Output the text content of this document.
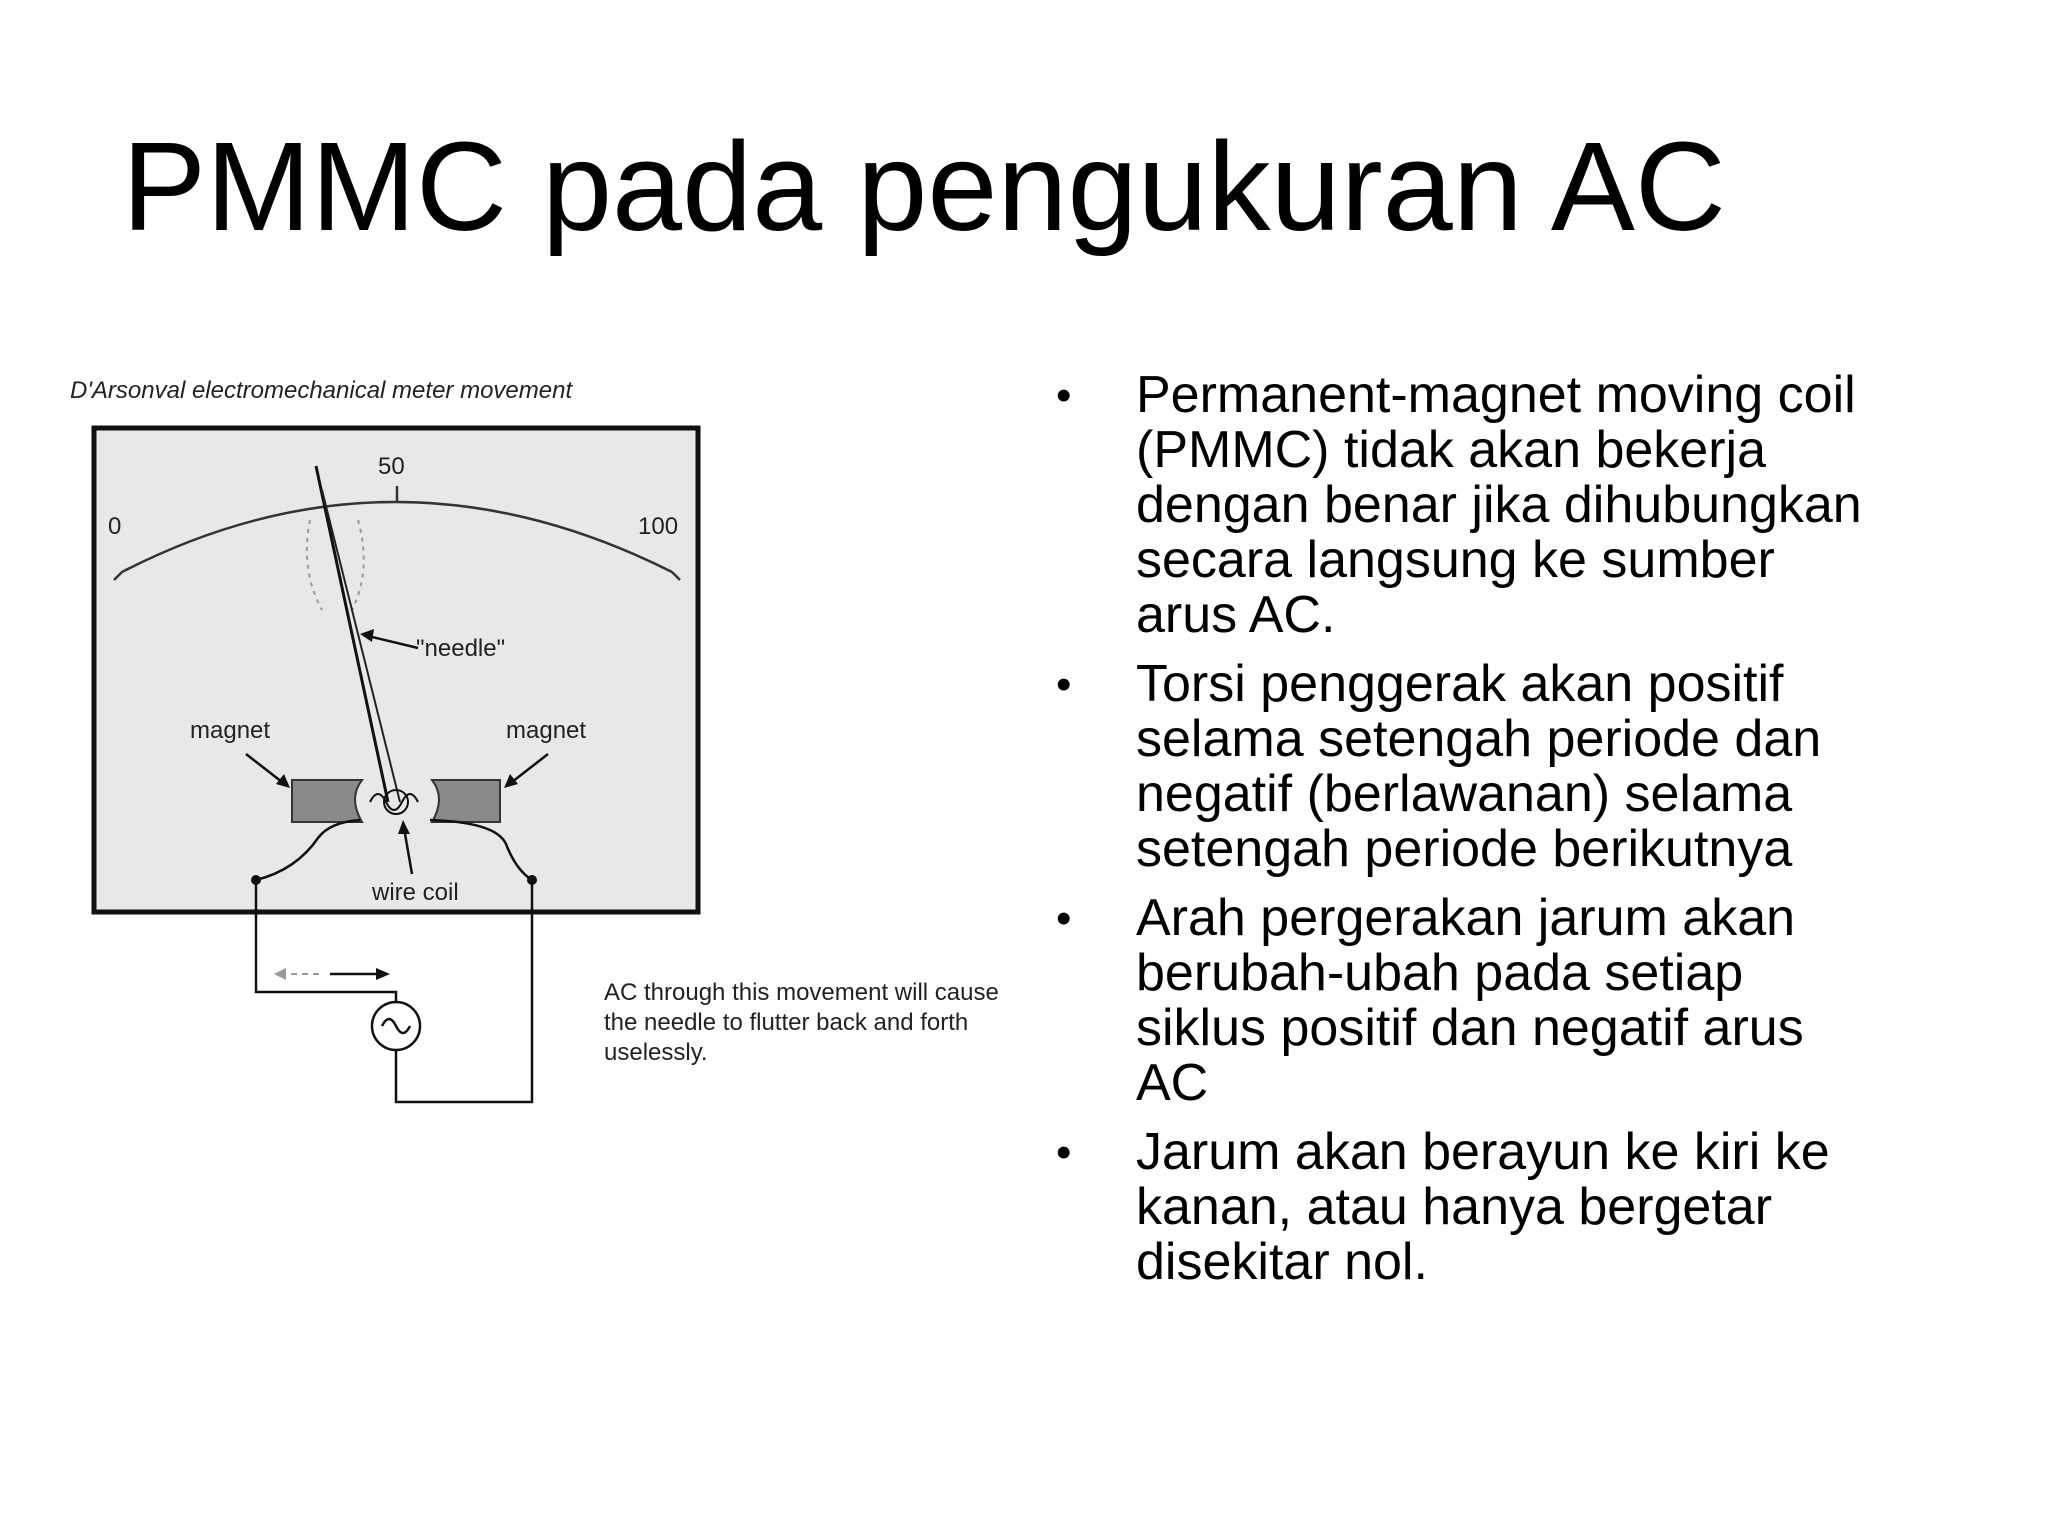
PMMC pada pengukuran AC
D'Arsonval electromechanical meter movement
0
50
100
"needle"
magnet	magnet
wire coil
AC through this movement will cause the needle to flutter back and forth uselessly.
• Permanent-magnet moving coil
(PMMC) tidak akan bekerja
dengan benar jika dihubungkan
secara langsung ke sumber
arus AC.
• Torsi penggerak akan positif
selama setengah periode dan
negatif (berlawanan) selama
setengah periode berikutnya
• Arah pergerakan jarum akan
berubah-ubah pada setiap
siklus positif dan negatif arus
AC
• Jarum akan berayun ke kiri ke
kanan, atau hanya bergetar
disekitar nol.
